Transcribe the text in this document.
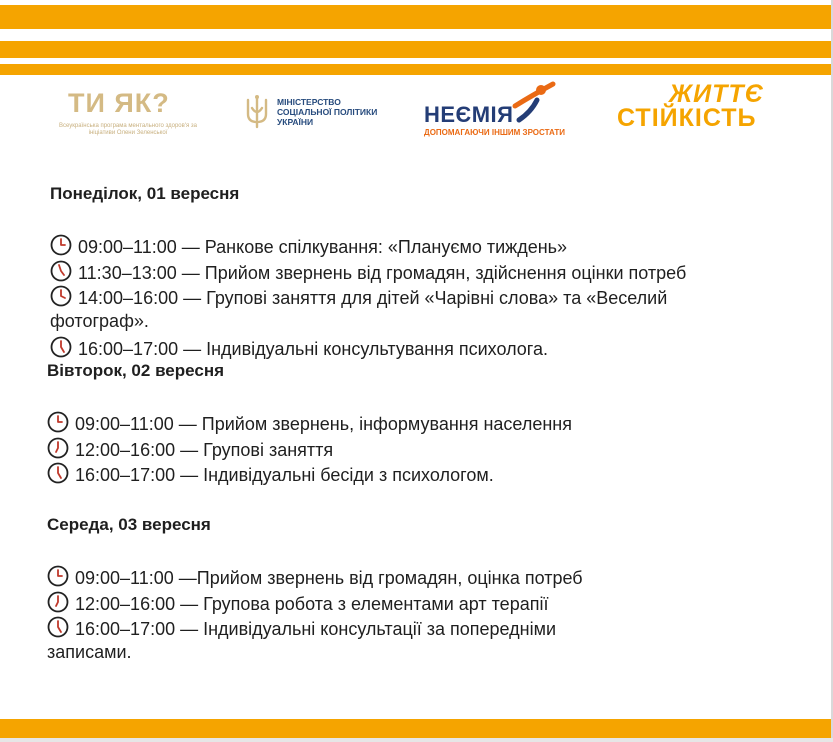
ТИ ЯК?
Всеукраїнська програма ментального здоров'я за ініціативи Олени Зеленської
МІНІСТЕРСТВО
СОЦІАЛЬНОЇ ПОЛІТИКИ
УКРАЇНИ	НЕЄМІЯ
ДОПОМАГАЮЧИ ІНШИМ ЗРОСТАТИ
ЖИТТЄ
СТІЙКІСТЬ
Понеділок, 01 вересня
09:00–11:00 — Ранкове спілкування: «Плануємо тиждень»
11:30–13:00 — Прийом звернень від громадян, здійснення оцінки потреб
14:00–16:00 — Групові заняття для дітей «Чарівні слова» та «Веселий
фотограф».
16:00–17:00 — Індивідуальні консультування психолога.
Вівторок, 02 вересня
09:00–11:00 — Прийом звернень, інформування населення
12:00–16:00 — Групові заняття
16:00–17:00 — Індивідуальні бесіди з психологом.
Середа, 03 вересня
09:00–11:00 —Прийом звернень від громадян, оцінка потреб
12:00–16:00 — Групова робота з елементами арт терапії
16:00–17:00 — Індивідуальні консультації за попередніми
записами.
